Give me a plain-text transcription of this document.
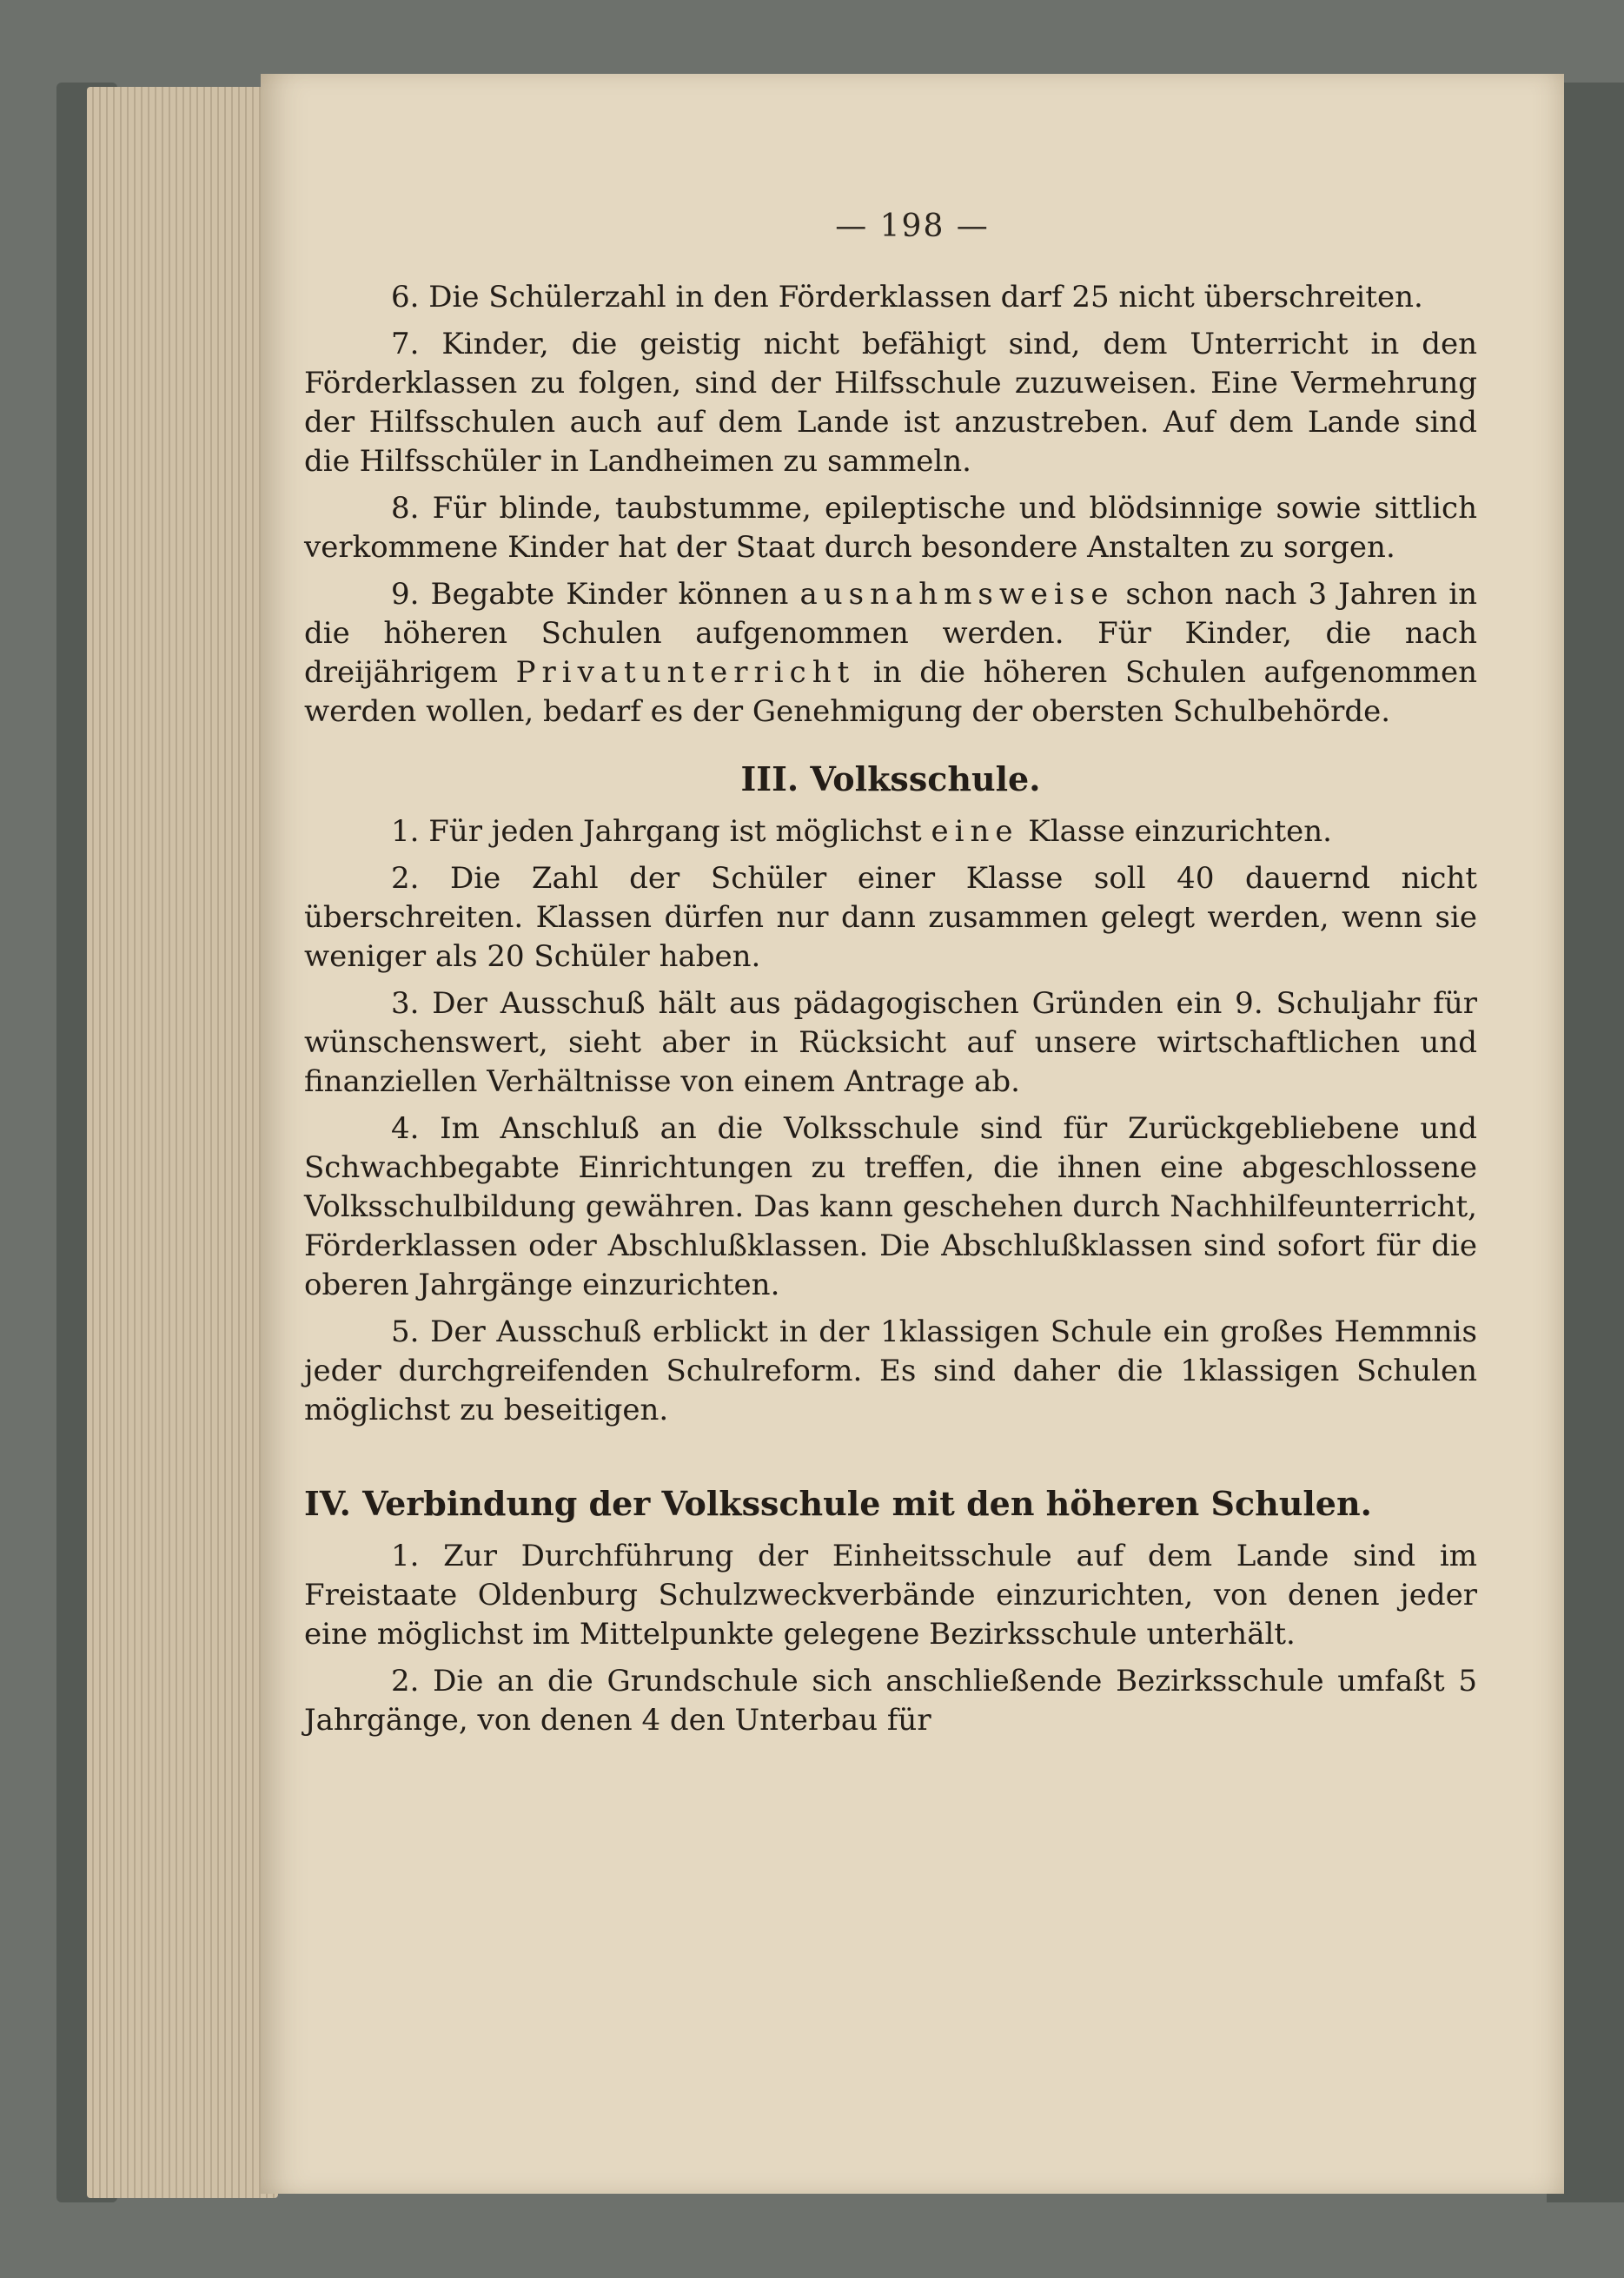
— 198 —

6. Die Schülerzahl in den Förderklassen darf 25 nicht überschreiten.

7. Kinder, die geistig nicht befähigt sind, dem Unterricht in den Förderklassen zu folgen, sind der Hilfsschule zuzuweisen. Eine Vermehrung der Hilfsschulen auch auf dem Lande ist anzustreben. Auf dem Lande sind die Hilfsschüler in Landheimen zu sammeln.

8. Für blinde, taubstumme, epileptische und blödsinnige sowie sittlich verkommene Kinder hat der Staat durch besondere Anstalten zu sorgen.

9. Begabte Kinder können ausnahmsweise schon nach 3 Jahren in die höheren Schulen aufgenommen werden. Für Kinder, die nach dreijährigem Privatunterricht in die höheren Schulen aufgenommen werden wollen, bedarf es der Genehmigung der obersten Schulbehörde.

III. Volksschule.

1. Für jeden Jahrgang ist möglichst eine Klasse einzurichten.

2. Die Zahl der Schüler einer Klasse soll 40 dauernd nicht überschreiten. Klassen dürfen nur dann zusammen gelegt werden, wenn sie weniger als 20 Schüler haben.

3. Der Ausschuß hält aus pädagogischen Gründen ein 9. Schuljahr für wünschenswert, sieht aber in Rücksicht auf unsere wirtschaftlichen und finanziellen Verhältnisse von einem Antrage ab.

4. Im Anschluß an die Volksschule sind für Zurückgebliebene und Schwachbegabte Einrichtungen zu treffen, die ihnen eine abgeschlossene Volksschulbildung gewähren. Das kann geschehen durch Nachhilfeunterricht, Förderklassen oder Abschlußklassen. Die Abschlußklassen sind sofort für die oberen Jahrgänge einzurichten.

5. Der Ausschuß erblickt in der 1klassigen Schule ein großes Hemmnis jeder durchgreifenden Schulreform. Es sind daher die 1klassigen Schulen möglichst zu beseitigen.

IV. Verbindung der Volksschule mit den höheren Schulen.

1. Zur Durchführung der Einheitsschule auf dem Lande sind im Freistaate Oldenburg Schulzweckverbände einzurichten, von denen jeder eine möglichst im Mittelpunkte gelegene Bezirksschule unterhält.

2. Die an die Grundschule sich anschließende Bezirksschule umfaßt 5 Jahrgänge, von denen 4 den Unterbau für
